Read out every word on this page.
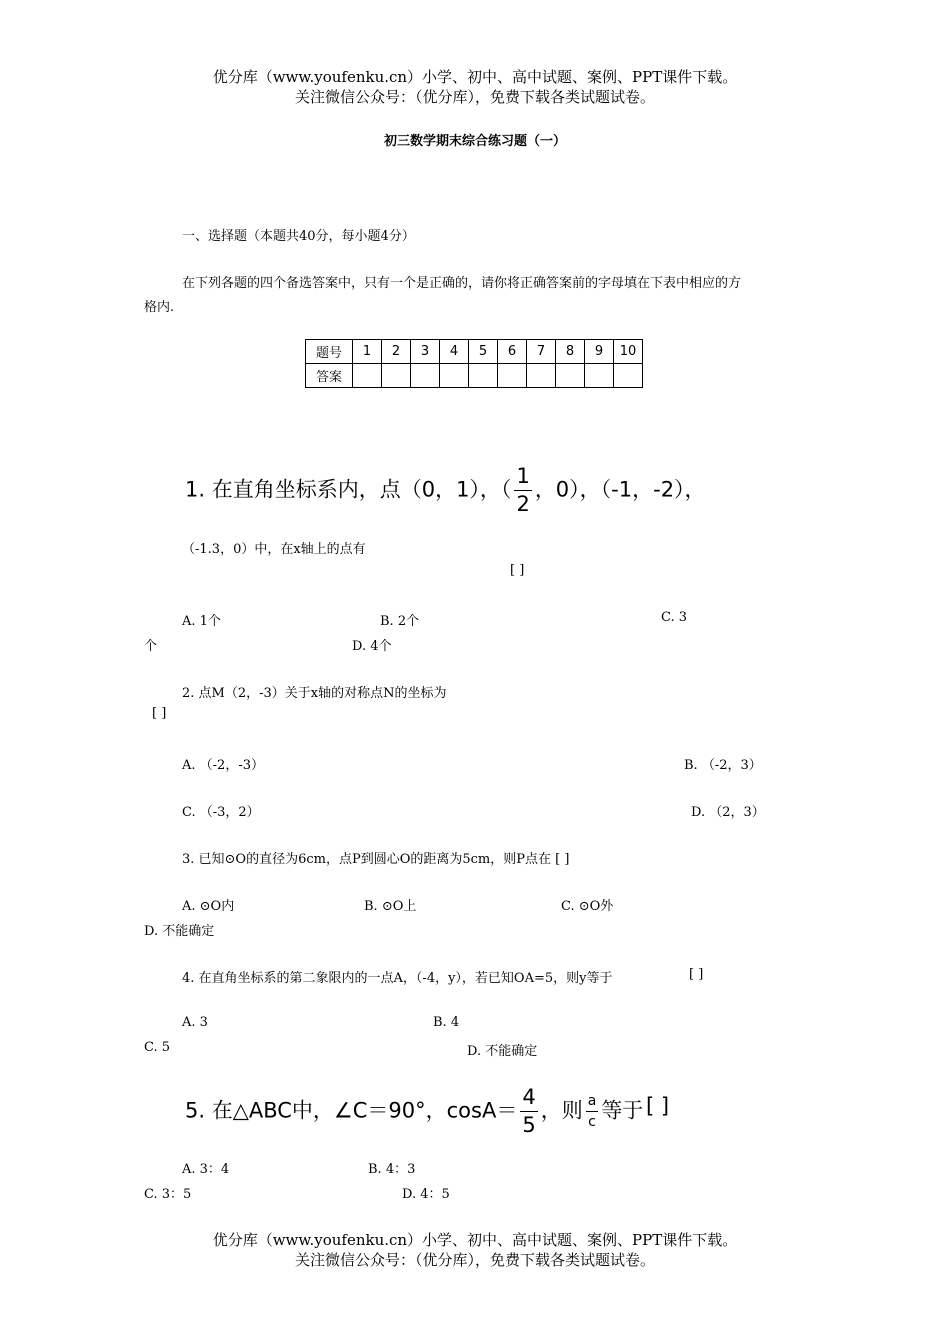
优分库（www.youfenku.cn）小学、初中、高中试题、案例、PPT课件下载。
关注微信公众号：（优分库），免费下载各类试题试卷。
初三数学期末综合练习题（一）
一、选择题（本题共40分，每小题4分）
在下列各题的四个备选答案中，只有一个是正确的，请你将正确答案前的字母填在下表中相应的方
格内.
题号	1	2	3	4	5	6	7	8	9	10
答案										
1. 在直角坐标系内，点（0，1），（ $\frac{1}{2}$ ，0），（-1，-2），
（-1.3，0）中，在x轴上的点有
[ ]
A. 1个	B. 2个	C. 3
个	D. 4个
2. 点M（2，-3）关于x轴的对称点N的坐标为
[ ]
A. （-2，-3）	B. （-2，3）
C. （-3，2）	D. （2，3）
3. 已知⊙O的直径为6cm，点P到圆心O的距离为5cm，则P点在 [ ]
A. ⊙O内	B. ⊙O上	C. ⊙O外
D. 不能确定
4. 在直角坐标系的第二象限内的一点A，（-4，y），若已知OA=5，则y等于	[ ]
A. 3	B. 4
C. 5	D. 不能确定
5. 在△ABC中，∠C＝90°，$\cos A= \frac{4}{5}$ ，则 $\frac{a}{c}$ 等于 [ ]
A. 3：4	B. 4：3
C. 3：5	D. 4：5
优分库（www.youfenku.cn）小学、初中、高中试题、案例、PPT课件下载。
关注微信公众号：（优分库），免费下载各类试题试卷。
